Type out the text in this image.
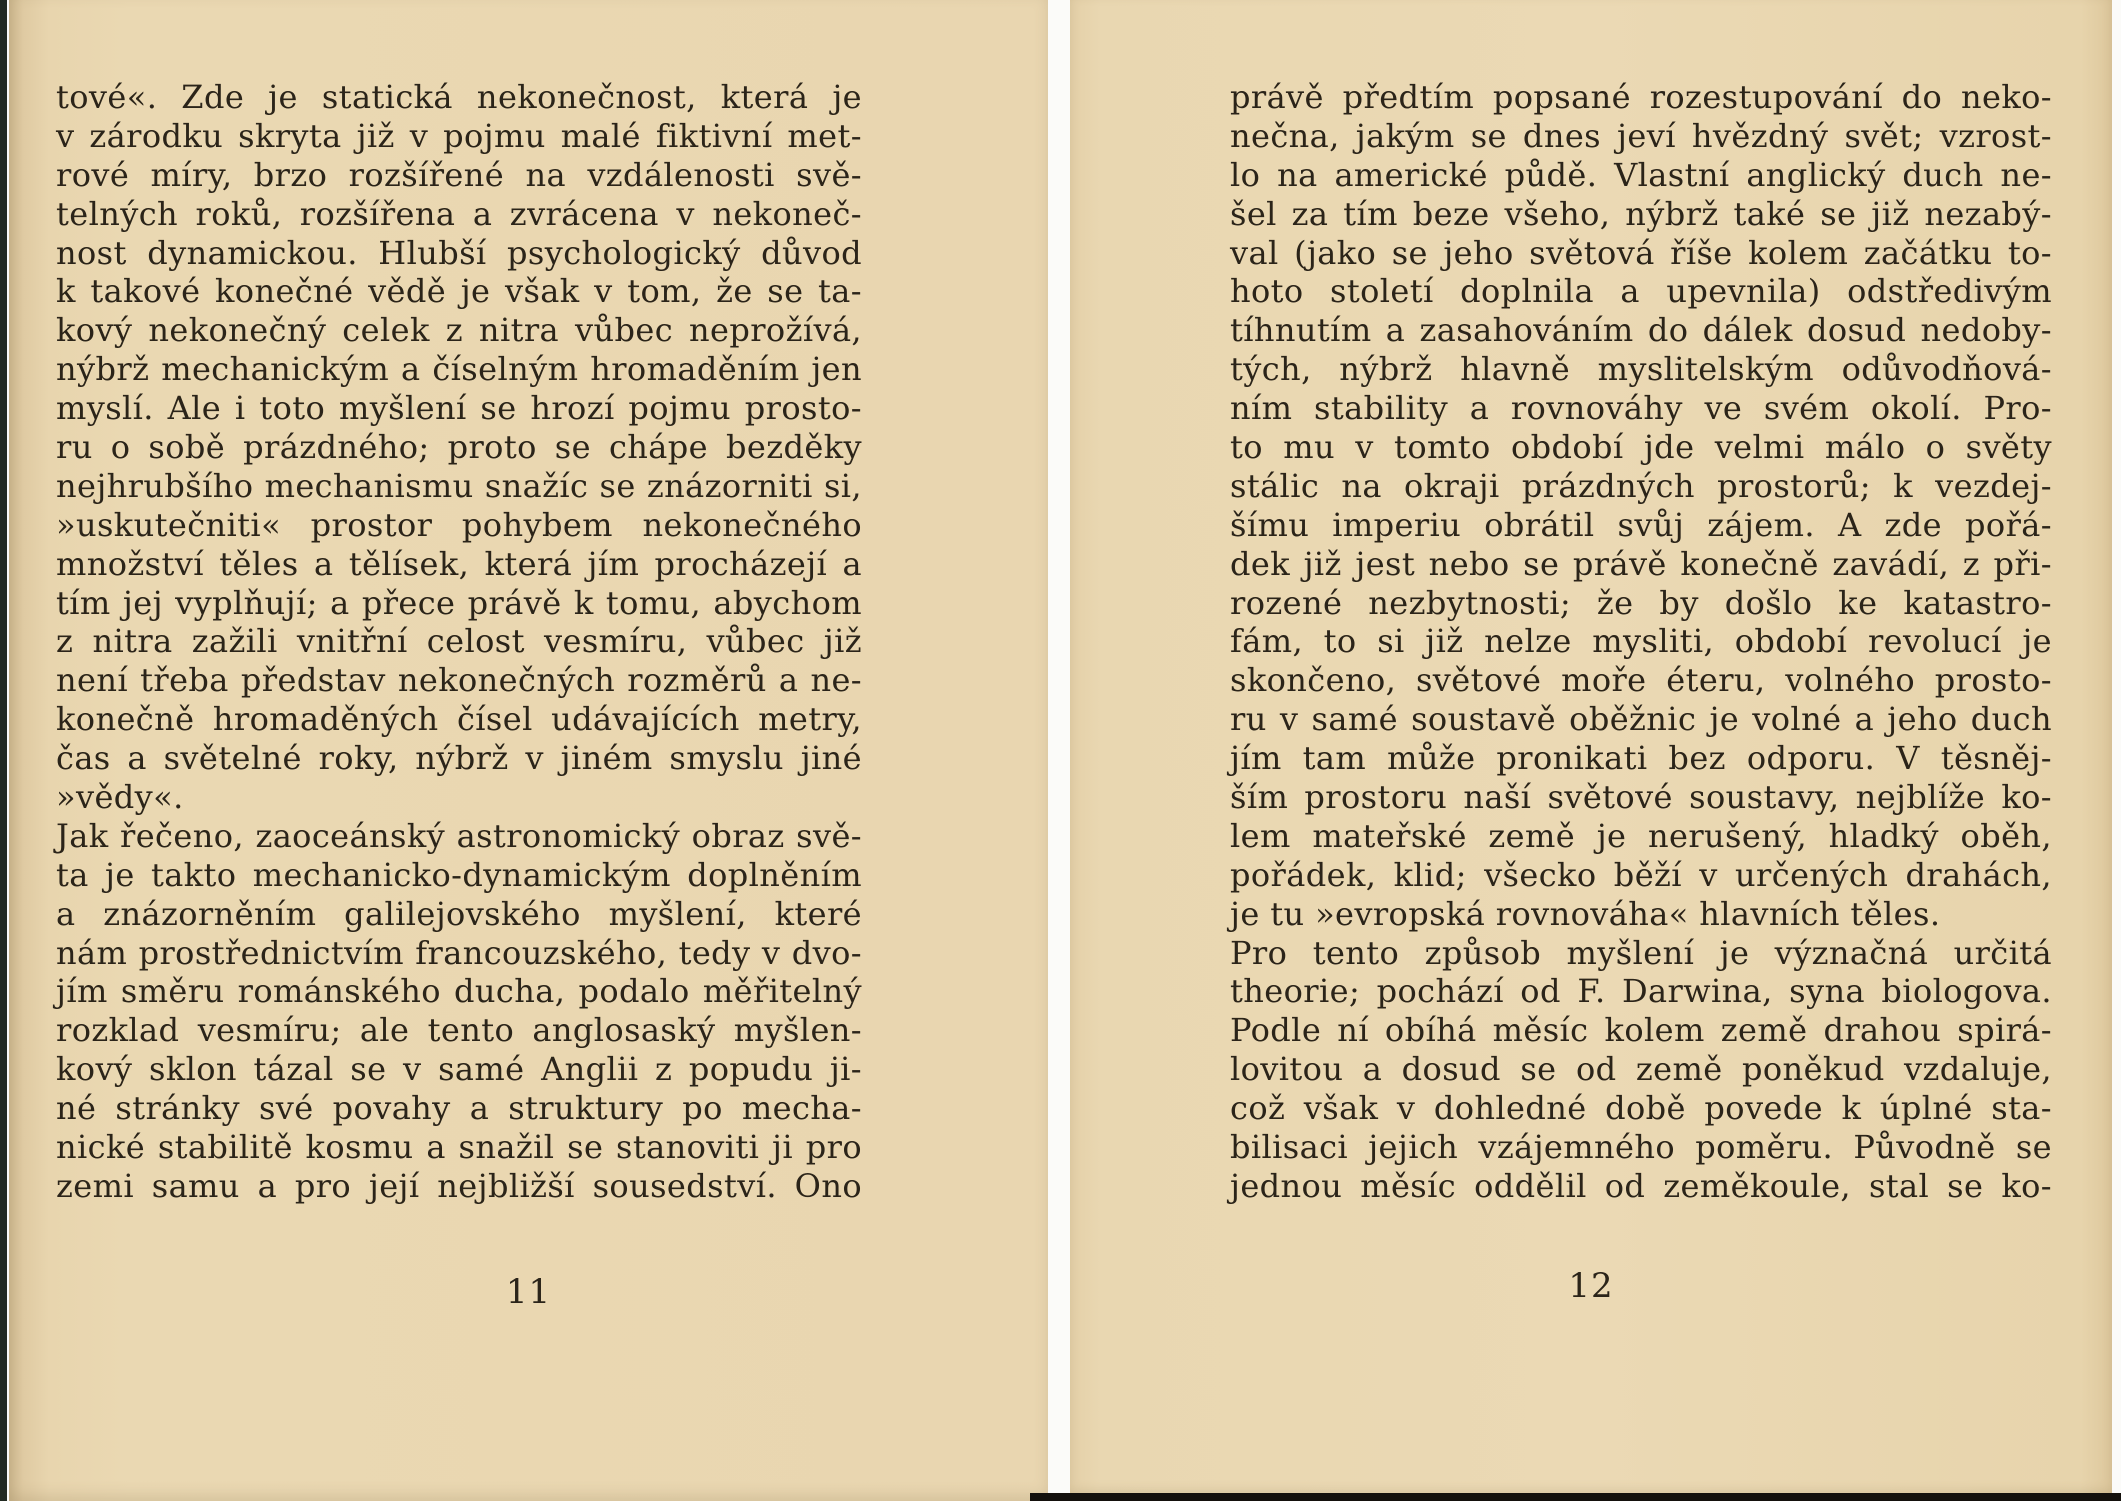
tové«. Zde je statická nekonečnost, která je
v zárodku skryta již v pojmu malé fiktivní met-
rové míry, brzo rozšířené na vzdálenosti svě-
telných roků, rozšířena a zvrácena v nekoneč-
nost dynamickou. Hlubší psychologický důvod
k takové konečné vědě je však v tom, že se ta-
kový nekonečný celek z nitra vůbec neprožívá,
nýbrž mechanickým a číselným hromaděním jen
myslí. Ale i toto myšlení se hrozí pojmu prosto-
ru o sobě prázdného; proto se chápe bezděky
nejhrubšího mechanismu snažíc se znázorniti si,
»uskutečniti« prostor pohybem nekonečného
množství těles a tělísek, která jím procházejí a
tím jej vyplňují; a přece právě k tomu, abychom
z nitra zažili vnitřní celost vesmíru, vůbec již
není třeba představ nekonečných rozměrů a ne-
konečně hromaděných čísel udávajících metry,
čas a světelné roky, nýbrž v jiném smyslu jiné
»vědy«.
Jak řečeno, zaoceánský astronomický obraz svě-
ta je takto mechanicko-dynamickým doplněním
a znázorněním galilejovského myšlení, které
nám prostřednictvím francouzského, tedy v dvo-
jím směru románského ducha, podalo měřitelný
rozklad vesmíru; ale tento anglosaský myšlen-
kový sklon tázal se v samé Anglii z popudu ji-
né stránky své povahy a struktury po mecha-
nické stabilitě kosmu a snažil se stanoviti ji pro
zemi samu a pro její nejbližší sousedství. Ono
11
právě předtím popsané rozestupování do neko-
nečna, jakým se dnes jeví hvězdný svět; vzrost-
lo na americké půdě. Vlastní anglický duch ne-
šel za tím beze všeho, nýbrž také se již nezabý-
val (jako se jeho světová říše kolem začátku to-
hoto století doplnila a upevnila) odstředivým
tíhnutím a zasahováním do dálek dosud nedoby-
tých, nýbrž hlavně myslitelským odůvodňová-
ním stability a rovnováhy ve svém okolí. Pro-
to mu v tomto období jde velmi málo o světy
stálic na okraji prázdných prostorů; k vezdej-
šímu imperiu obrátil svůj zájem. A zde pořá-
dek již jest nebo se právě konečně zavádí, z při-
rozené nezbytnosti; že by došlo ke katastro-
fám, to si již nelze mysliti, období revolucí je
skončeno, světové moře éteru, volného prosto-
ru v samé soustavě oběžnic je volné a jeho duch
jím tam může pronikati bez odporu. V těsněj-
ším prostoru naší světové soustavy, nejblíže ko-
lem mateřské země je nerušený, hladký oběh,
pořádek, klid; všecko běží v určených drahách,
je tu »evropská rovnováha« hlavních těles.
Pro tento způsob myšlení je význačná určitá
theorie; pochází od F. Darwina, syna biologova.
Podle ní obíhá měsíc kolem země drahou spirá-
lovitou a dosud se od země poněkud vzdaluje,
což však v dohledné době povede k úplné sta-
bilisaci jejich vzájemného poměru. Původně se
jednou měsíc oddělil od zeměkoule, stal se ko-
12
